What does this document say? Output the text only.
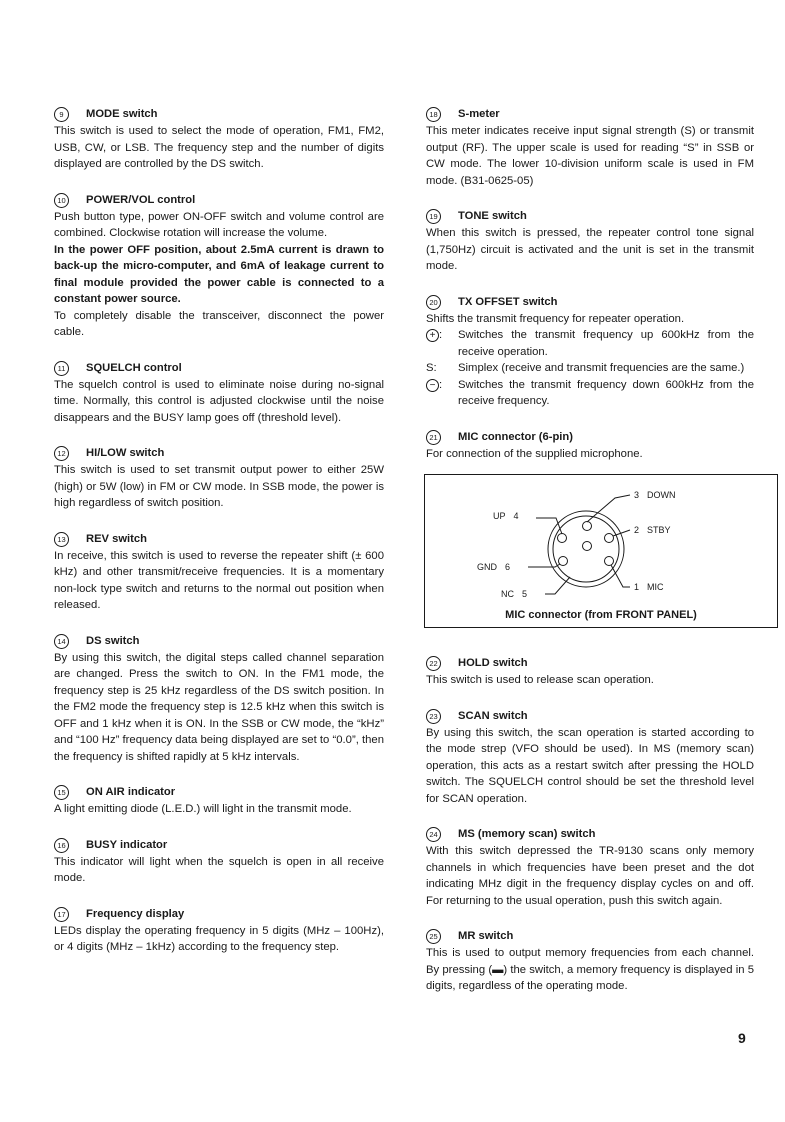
9	MODE switch
This switch is used to select the mode of operation, FM1, FM2, USB, CW, or LSB. The frequency step and the number of digits displayed are controlled by the DS switch.
10 POWER/VOL control
Push button type, power ON-OFF switch and volume control are combined. Clockwise rotation will increase the volume.
In the power OFF position, about 2.5mA current is drawn to back-up the micro-computer, and 6mA of leakage current to final module provided the power cable is connected to a constant power source.
To completely disable the transceiver, disconnect the power cable.
11	SQUELCH control
The squelch control is used to eliminate noise during no-signal time. Normally, this control is adjusted clockwise until the noise disappears and the BUSY lamp goes off (threshold level).
12 HI/LOW switch
This switch is used to set transmit output power to either 25W (high) or 5W (low) in FM or CW mode. In SSB mode, the power is high regardless of switch position.
13 REV switch
In receive, this switch is used to reverse the repeater shift (± 600 kHz) and other transmit/receive frequencies. It is a momentary non-lock type switch and returns to the normal out position when released.
14 DS switch
By using this switch, the digital steps called channel separation are changed. Press the switch to ON. In the FM1 mode, the frequency step is 25 kHz regardless of the DS switch position. In the FM2 mode the frequency step is 12.5 kHz when this switch is OFF and 1 kHz when it is ON. In the SSB or CW mode, the “kHz” and “100 Hz” frequency data being displayed are set to “0.0”, then the frequency is shifted rapidly at 5 kHz intervals.
15 ON AIR indicator
A light emitting diode (L.E.D.) will light in the transmit mode.
16 BUSY indicator
This indicator will light when the squelch is open in all receive mode.
17 Frequency display
LEDs display the operating frequency in 5 digits (MHz – 100Hz), or 4 digits (MHz – 1kHz) according to the frequency step.
18 S-meter
This meter indicates receive input signal strength (S) or transmit output (RF). The upper scale is used for reading “S” in SSB or CW mode. The lower 10-division uniform scale is used in FM mode. (B31-0625-05)
19 TONE switch
When this switch is pressed, the repeater control tone signal (1,750Hz) circuit is activated and the unit is set in the transmit mode.
20 TX OFFSET switch
Shifts the transmit frequency for repeater operation.
+ :	Switches the transmit frequency up 600kHz from the receive operation.
S:	Simplex (receive and transmit frequencies are the same.)
− :	Switches the transmit frequency down 600kHz from the receive frequency.
21 MIC connector (6-pin)
For connection of the supplied microphone.
3 DOWN
UP 4
2 STBY
GND 6
1 MIC
NC 5
MIC connector (from FRONT PANEL)
22 HOLD switch
This switch is used to release scan operation.
23 SCAN switch
By using this switch, the scan operation is started according to the mode strep (VFO should be used). In MS (memory scan) operation, this acts as a restart switch after pressing the HOLD switch. The SQUELCH control should be set the threshold level for SCAN operation.
24 MS (memory scan) switch
With this switch depressed the TR-9130 scans only memory channels in which frequencies have been preset and the dot indicating MHz digit in the frequency display cycles on and off. For returning to the usual operation, push this switch again.
25 MR switch
This is used to output memory frequencies from each channel. By pressing (▬) the switch, a memory frequency is displayed in 5 digits, regardless of the operating mode.
9
